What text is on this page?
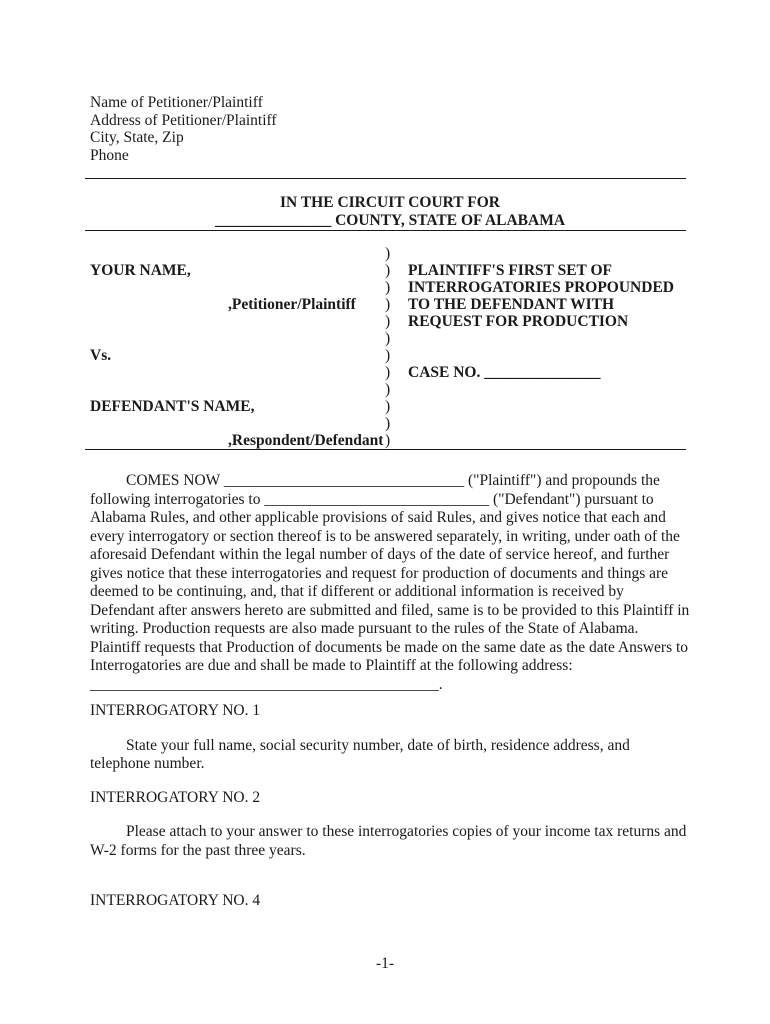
Name of Petitioner/Plaintiff
Address of Petitioner/Plaintiff
City, State, Zip
Phone
IN THE CIRCUIT COURT FOR
_______________ COUNTY, STATE OF ALABAMA
)
YOUR NAME,	)	PLAINTIFF'S FIRST SET OF
)	INTERROGATORIES PROPOUNDED
,Petitioner/Plaintiff	)	TO THE DEFENDANT WITH
)	REQUEST FOR PRODUCTION
)
Vs.	)
)	CASE NO. _______________
)
DEFENDANT'S NAME,	)
)
,Respondent/Defendant )

COMES NOW _______________________________ ("Plaintiff") and propounds the following interrogatories to _____________________________ ("Defendant") pursuant to Alabama Rules, and other applicable provisions of said Rules, and gives notice that each and every interrogatory or section thereof is to be answered separately, in writing, under oath of the aforesaid Defendant within the legal number of days of the date of service hereof, and further gives notice that these interrogatories and request for production of documents and things are deemed to be continuing, and, that if different or additional information is received by Defendant after answers hereto are submitted and filed, same is to be provided to this Plaintiff in writing. Production requests are also made pursuant to the rules of the State of Alabama. Plaintiff requests that Production of documents be made on the same date as the date Answers to Interrogatories are due and shall be made to Plaintiff at the following address: _____________________________________________.

INTERROGATORY NO. 1

State your full name, social security number, date of birth, residence address, and telephone number.

INTERROGATORY NO. 2

Please attach to your answer to these interrogatories copies of your income tax returns and W-2 forms for the past three years.

INTERROGATORY NO. 4

-1-
